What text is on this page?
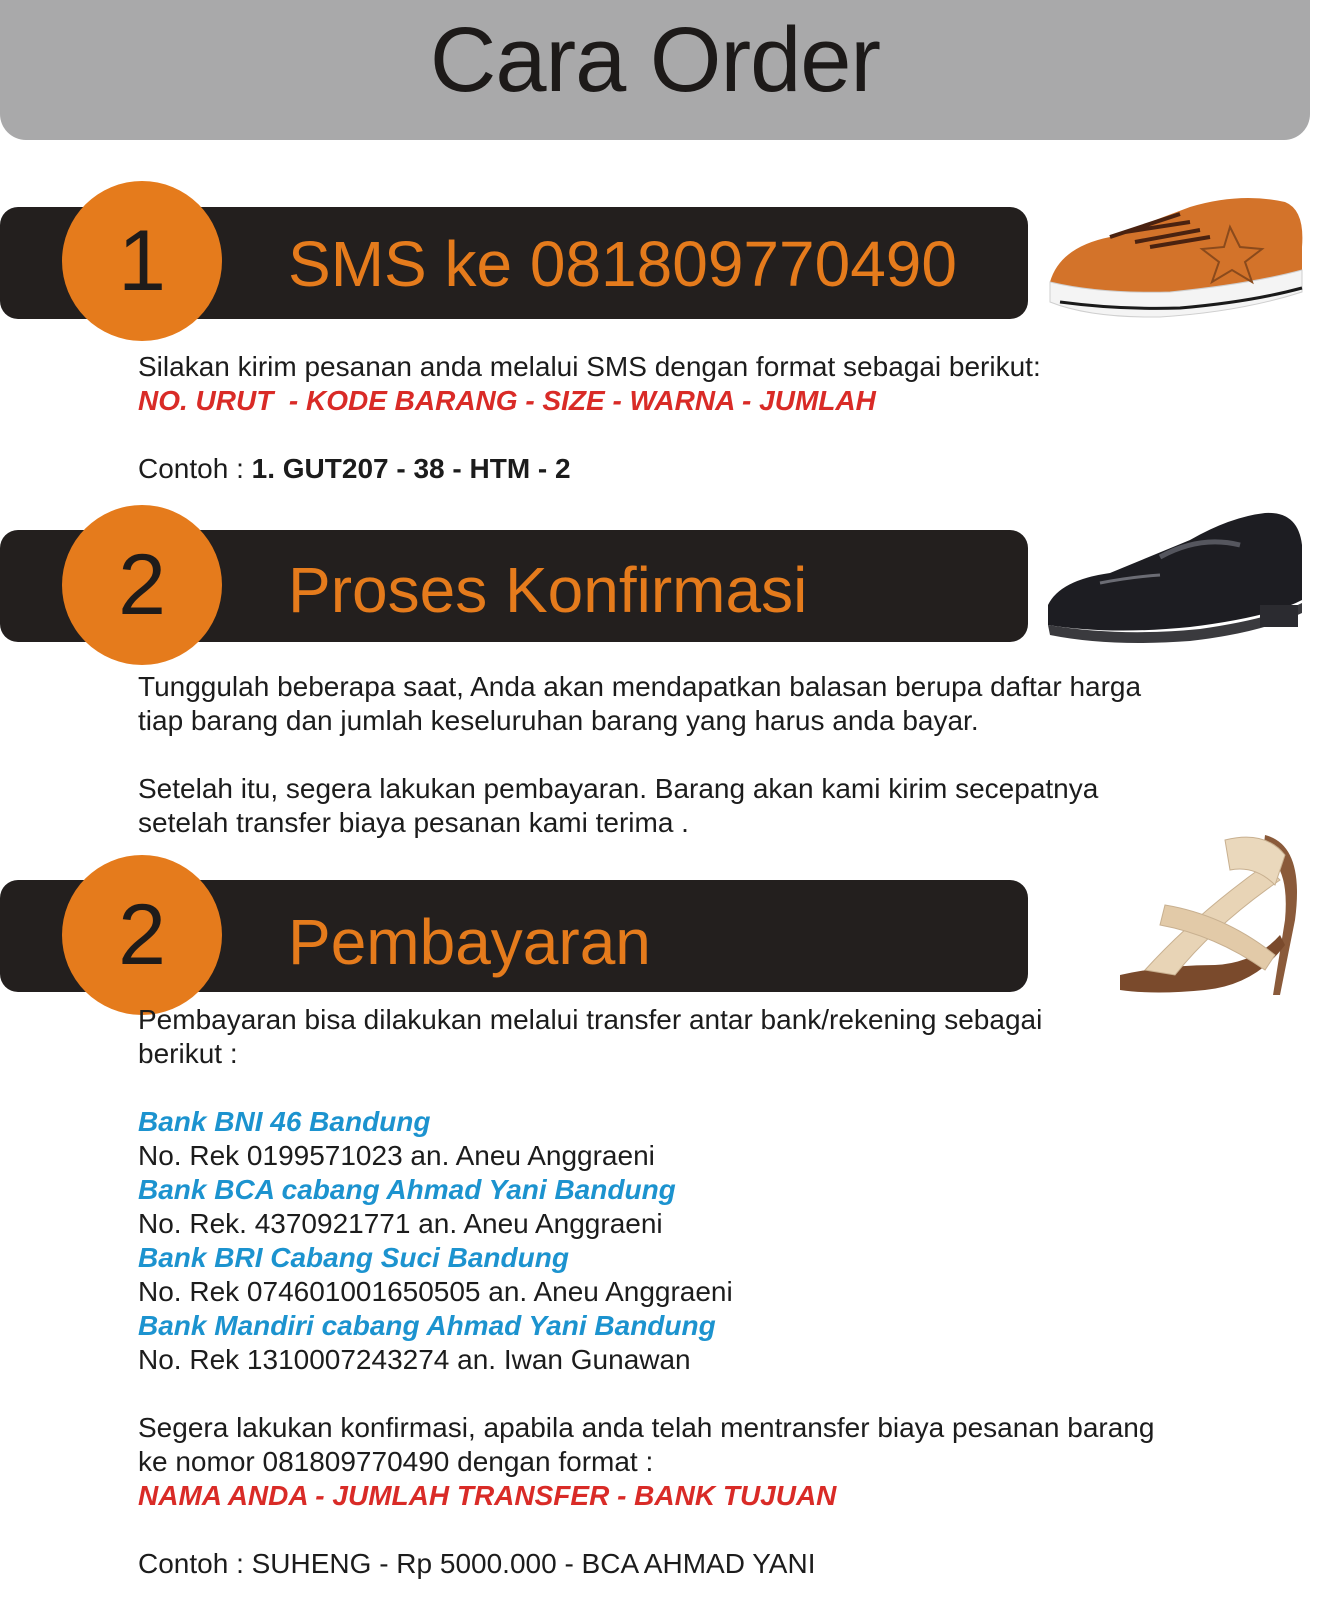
Cara Order
1	SMS ke 081809770490
Silakan kirim pesanan anda melalui SMS dengan format sebagai berikut:
NO. URUT  - KODE BARANG - SIZE - WARNA - JUMLAH
Contoh : 1. GUT207 - 38 - HTM - 2
2	Proses Konfirmasi
Tunggulah beberapa saat, Anda akan mendapatkan balasan berupa daftar harga
tiap barang dan jumlah keseluruhan barang yang harus anda bayar.
Setelah itu, segera lakukan pembayaran. Barang akan kami kirim secepatnya
setelah transfer biaya pesanan kami terima .
2	Pembayaran
Pembayaran bisa dilakukan melalui transfer antar bank/rekening sebagai
berikut :
Bank BNI 46 Bandung
No. Rek 0199571023 an. Aneu Anggraeni
Bank BCA cabang Ahmad Yani Bandung
No. Rek. 4370921771 an. Aneu Anggraeni
Bank BRI Cabang Suci Bandung
No. Rek 074601001650505 an. Aneu Anggraeni
Bank Mandiri cabang Ahmad Yani Bandung
No. Rek 1310007243274 an. Iwan Gunawan
Segera lakukan konfirmasi, apabila anda telah mentransfer biaya pesanan barang
ke nomor 081809770490 dengan format :
NAMA ANDA - JUMLAH TRANSFER - BANK TUJUAN
Contoh : SUHENG - Rp 5000.000 - BCA AHMAD YANI
